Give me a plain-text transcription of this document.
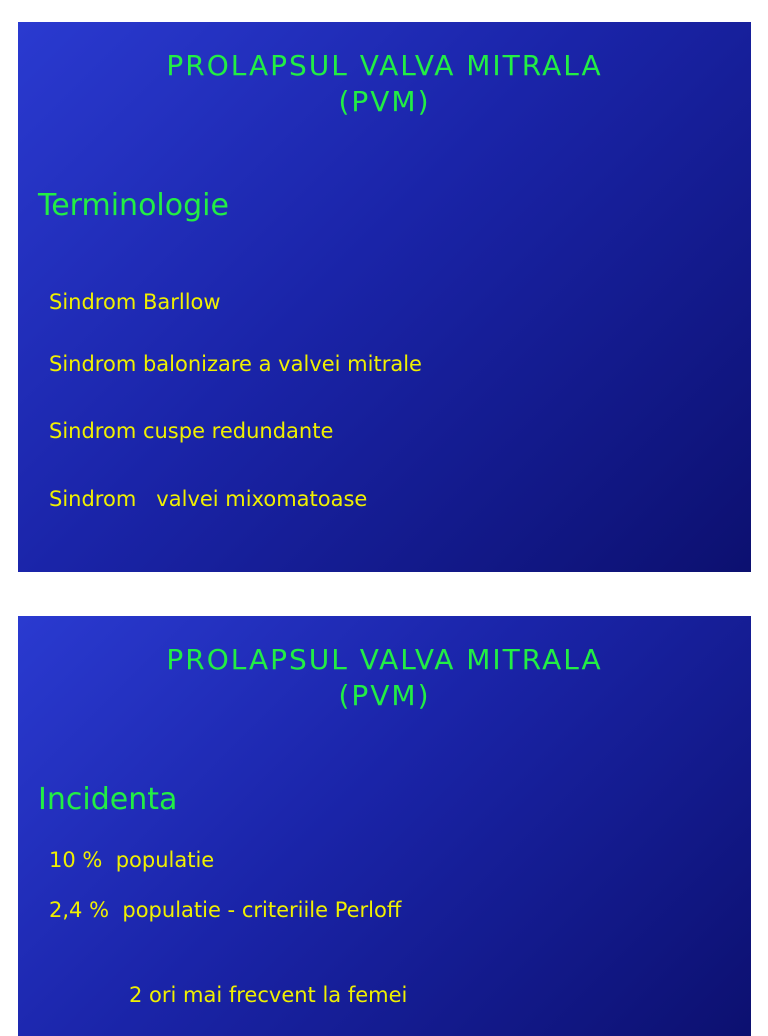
PROLAPSUL VALVA MITRALA
(PVM)
Terminologie
Sindrom Barllow
Sindrom balonizare a valvei mitrale
Sindrom cuspe redundante
Sindrom   valvei mixomatoase
PROLAPSUL VALVA MITRALA
(PVM)
Incidenta
10 %  populatie
2,4 %  populatie - criteriile Perloff
2 ori mai frecvent la femei
